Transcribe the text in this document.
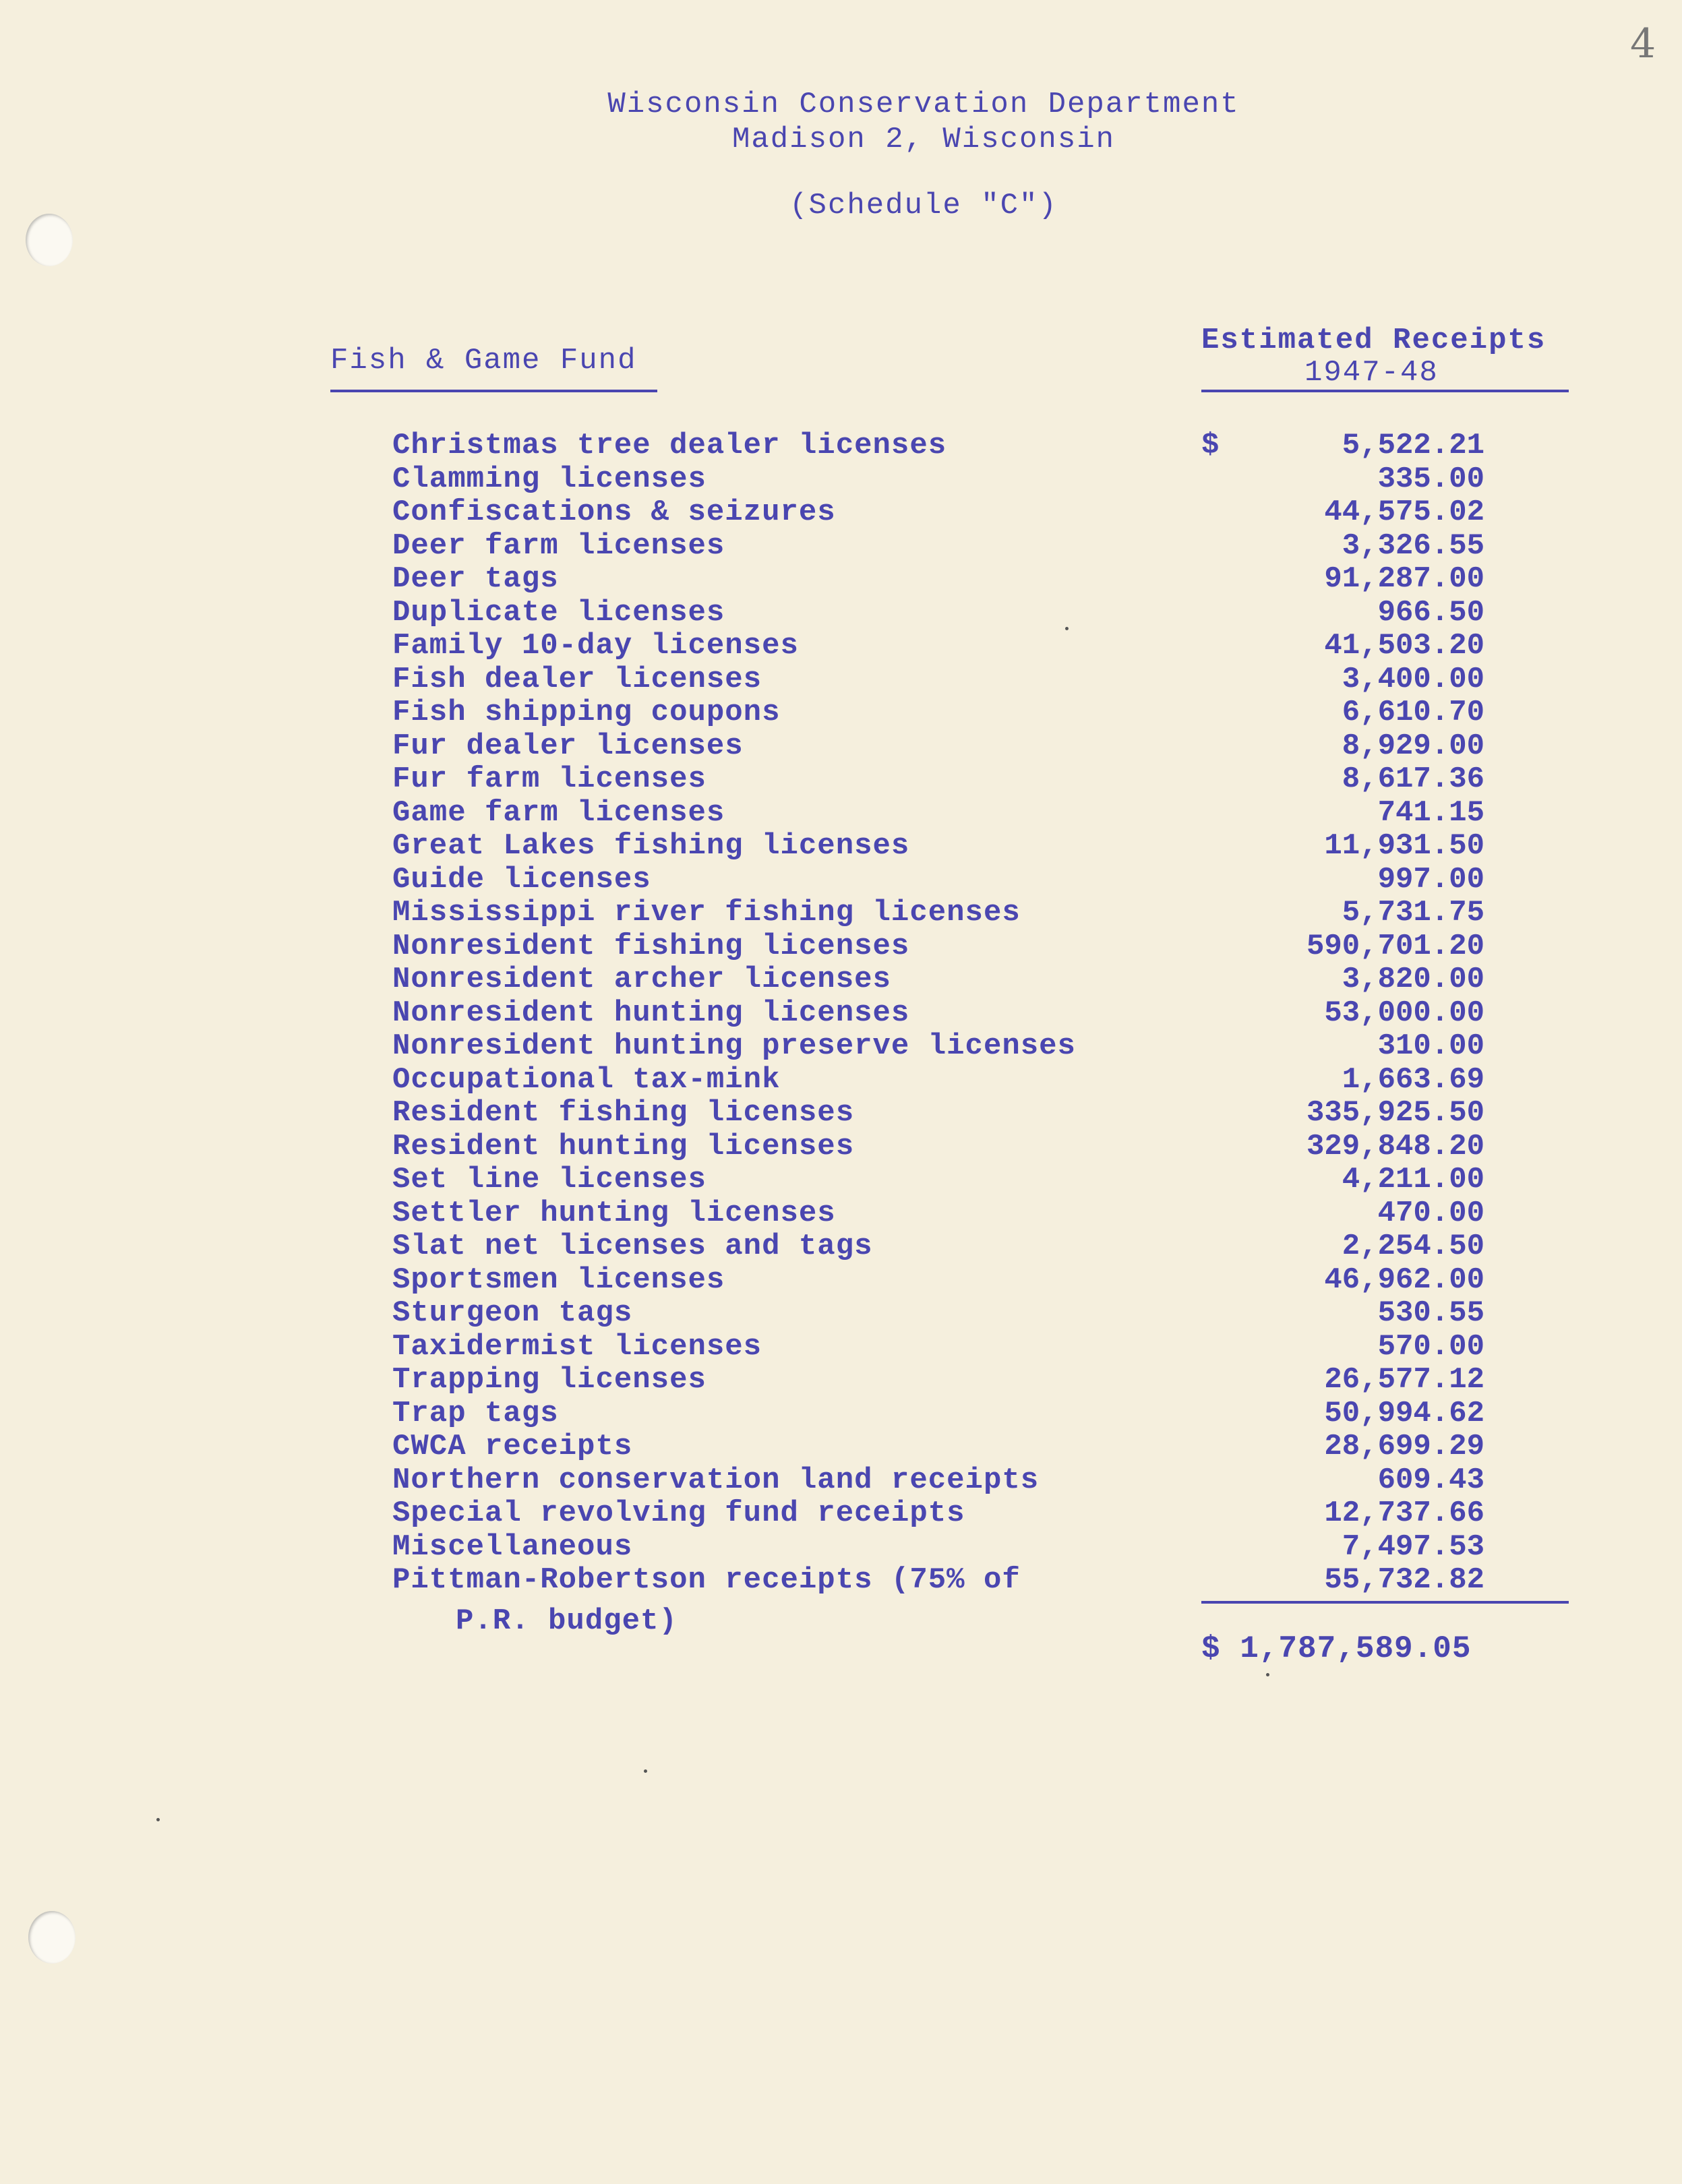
4
Wisconsin Conservation Department
Madison 2, Wisconsin
(Schedule "C")
Fish & Game Fund
Estimated Receipts
1947-48
$
Christmas tree dealer licenses	5,522.21
Clamming licenses	335.00
Confiscations & seizures	44,575.02
Deer farm licenses	3,326.55
Deer tags	91,287.00
Duplicate licenses	966.50
Family 10-day licenses	41,503.20
Fish dealer licenses	3,400.00
Fish shipping coupons	6,610.70
Fur dealer licenses	8,929.00
Fur farm licenses	8,617.36
Game farm licenses	741.15
Great Lakes fishing licenses	11,931.50
Guide licenses	997.00
Mississippi river fishing licenses	5,731.75
Nonresident fishing licenses	590,701.20
Nonresident archer licenses	3,820.00
Nonresident hunting licenses	53,000.00
Nonresident hunting preserve licenses	310.00
Occupational tax-mink	1,663.69
Resident fishing licenses	335,925.50
Resident hunting licenses	329,848.20
Set line licenses	4,211.00
Settler hunting licenses	470.00
Slat net licenses and tags	2,254.50
Sportsmen licenses	46,962.00
Sturgeon tags	530.55
Taxidermist licenses	570.00
Trapping licenses	26,577.12
Trap tags	50,994.62
CWCA receipts	28,699.29
Northern conservation land receipts	609.43
Special revolving fund receipts	12,737.66
Miscellaneous	7,497.53
Pittman-Robertson receipts (75% of	55,732.82
P.R. budget)
$ 1,787,589.05
